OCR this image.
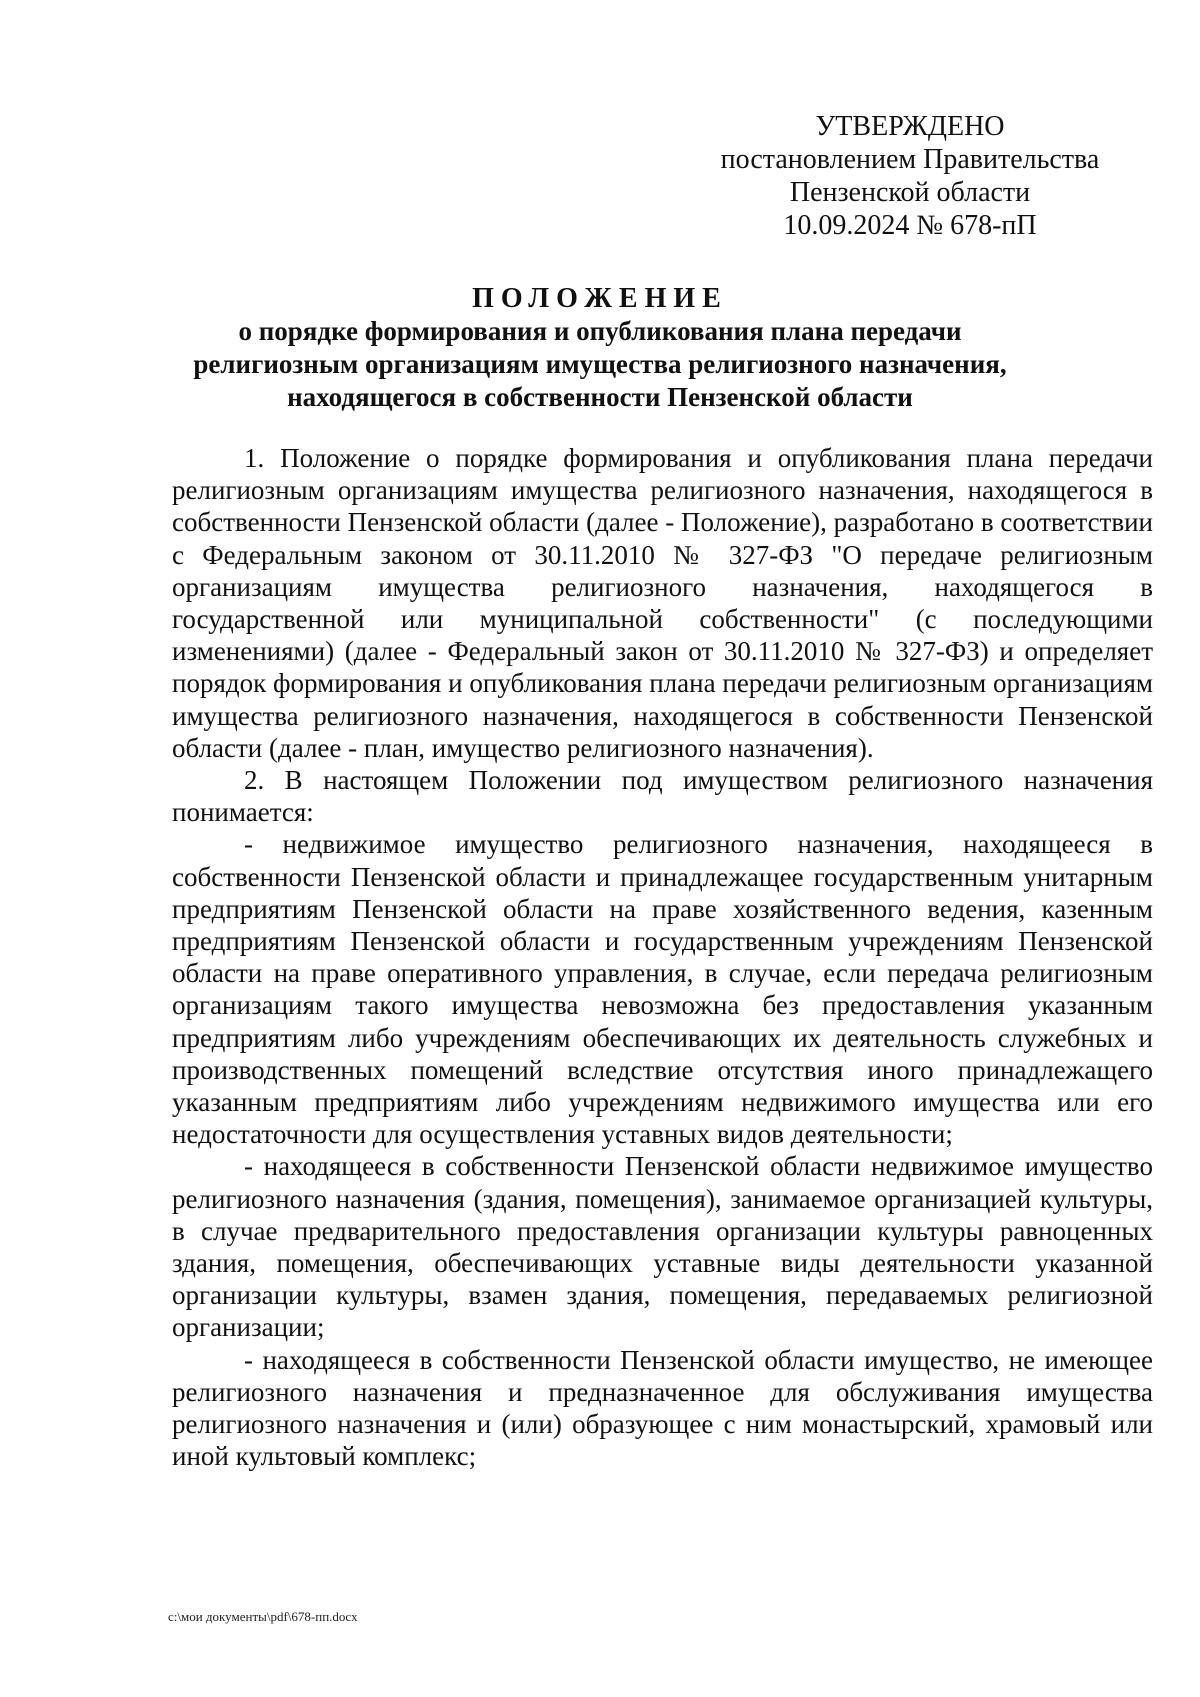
УТВЕРЖДЕНО
постановлением Правительства
Пензенской области
10.09.2024 № 678-пП
ПОЛОЖЕНИЕ
о порядке формирования и опубликования плана передачи
религиозным организациям имущества религиозного назначения,
находящегося в собственности Пензенской области

1. Положение о порядке формирования и опубликования плана передачи религиозным организациям имущества религиозного назначения, находящегося в собственности Пензенской области (далее - Положение), разработано в соответствии с Федеральным законом от 30.11.2010 № 327-ФЗ "О передаче религиозным организациям имущества религиозного назначения, находящегося в государственной или муниципальной собственности" (с последующими изменениями) (далее - Федеральный закон от 30.11.2010 № 327-ФЗ) и определяет порядок формирования и опубликования плана передачи религиозным организациям имущества религиозного назначения, находящегося в собственности Пензенской области (далее - план, имущество религиозного назначения).

2. В настоящем Положении под имуществом религиозного назначения понимается:

- недвижимое имущество религиозного назначения, находящееся в собственности Пензенской области и принадлежащее государственным унитарным предприятиям Пензенской области на праве хозяйственного ведения, казенным предприятиям Пензенской области и государственным учреждениям Пензенской области на праве оперативного управления, в случае, если передача религиозным организациям такого имущества невозможна без предоставления указанным предприятиям либо учреждениям обеспечивающих их деятельность служебных и производственных помещений вследствие отсутствия иного принадлежащего указанным предприятиям либо учреждениям недвижимого имущества или его недостаточности для осуществления уставных видов деятельности;

- находящееся в собственности Пензенской области недвижимое имущество религиозного назначения (здания, помещения), занимаемое организацией культуры, в случае предварительного предоставления организации культуры равноценных здания, помещения, обеспечивающих уставные виды деятельности указанной организации культуры, взамен здания, помещения, передаваемых религиозной организации;

- находящееся в собственности Пензенской области имущество, не имеющее религиозного назначения и предназначенное для обслуживания имущества религиозного назначения и (или) образующее с ним монастырский, храмовый или иной культовый комплекс;

c:\мои документы\pdf\678-пп.docx
